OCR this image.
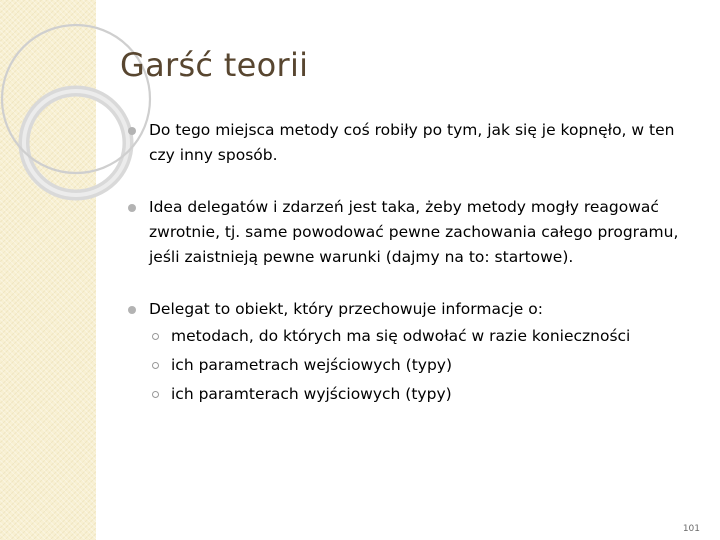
Garść teorii
Do tego miejsca metody coś robiły po tym, jak się je kopnęło, w ten czy inny sposób.
Idea delegatów i zdarzeń jest taka, żeby metody mogły reagować zwrotnie, tj. same powodować pewne zachowania całego programu, jeśli zaistnieją pewne warunki (dajmy na to: startowe).
Delegat to obiekt, który przechowuje informacje o:
metodach, do których ma się odwołać w razie konieczności
ich parametrach wejściowych (typy)
ich paramterach wyjściowych (typy)
101
